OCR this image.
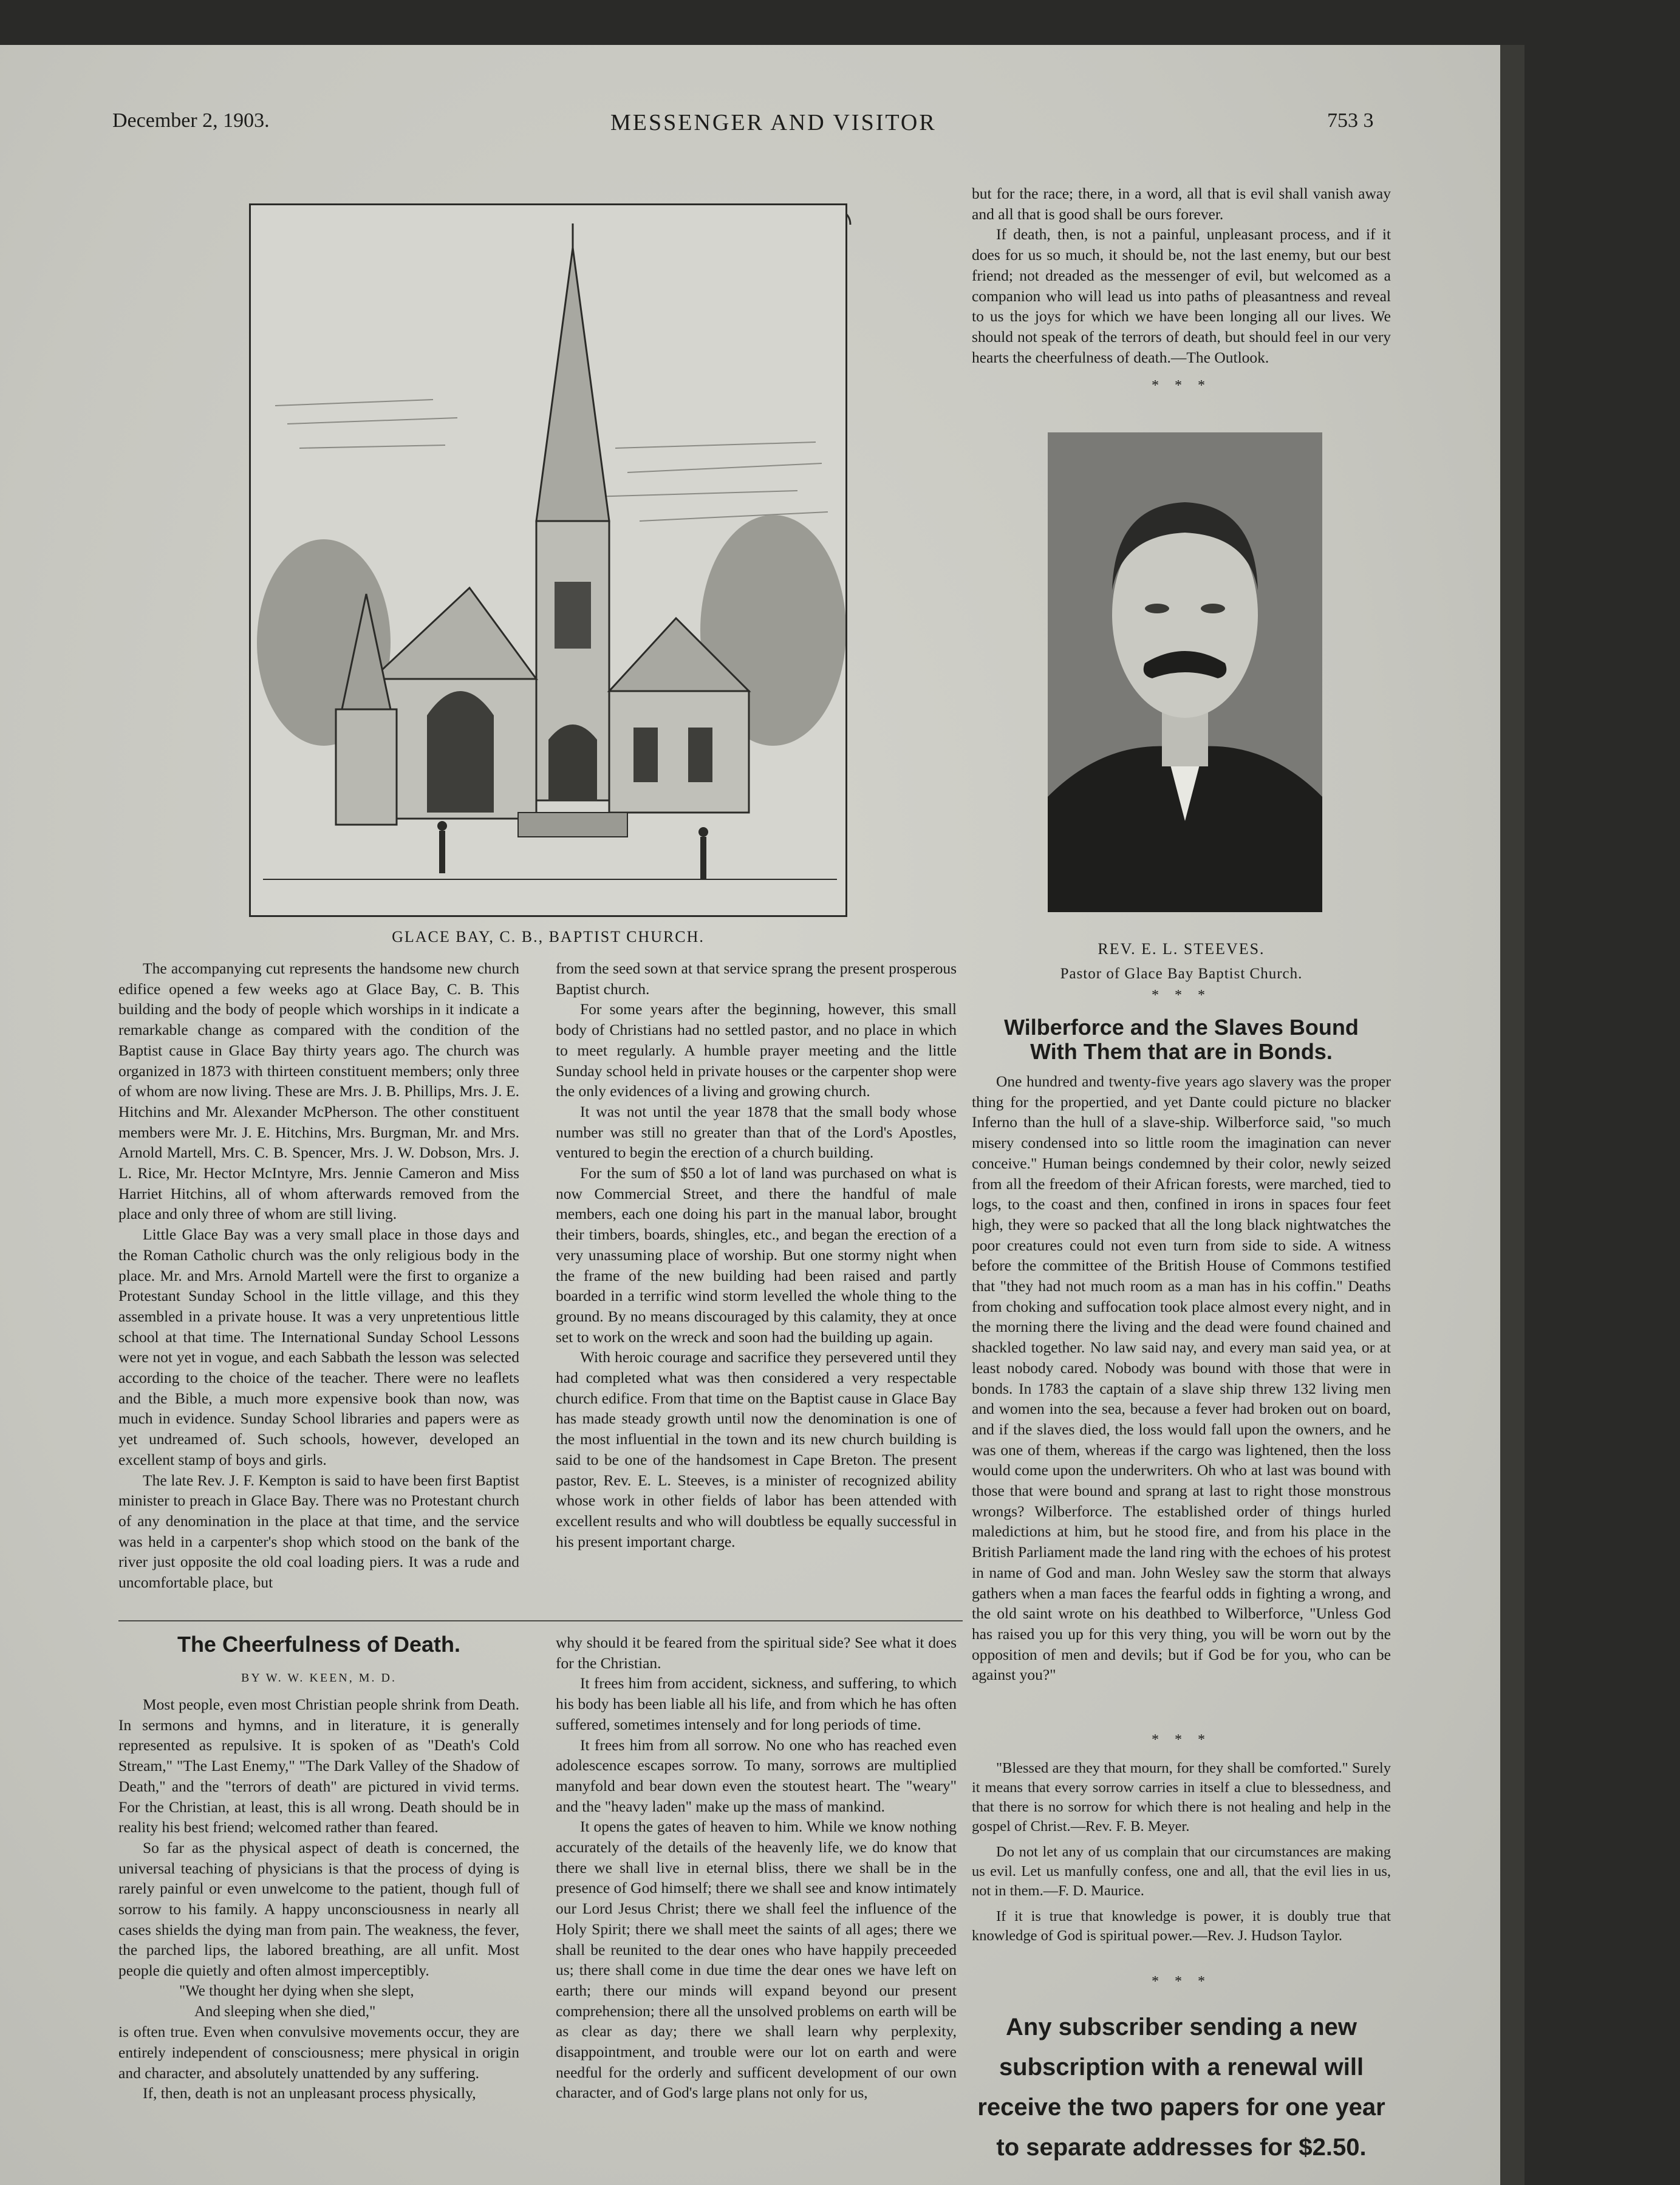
December 2, 1903.	MESSENGER AND VISITOR	753 3
GLACE BAY, C. B., BAPTIST CHURCH.
REV. E. L. STEEVES.
Pastor of Glace Bay Baptist Church.
* * *

The accompanying cut represents the handsome new church edifice opened a few weeks ago at Glace Bay, C. B. This building and the body of people which worships in it indicate a remarkable change as compared with the condition of the Baptist cause in Glace Bay thirty years ago. The church was organized in 1873 with thirteen constituent members; only three of whom are now living. These are Mrs. J. B. Phillips, Mrs. J. E. Hitchins and Mr. Alexander McPherson. The other constituent members were Mr. J. E. Hitchins, Mrs. Burgman, Mr. and Mrs. Arnold Martell, Mrs. C. B. Spencer, Mrs. J. W. Dobson, Mrs. J. L. Rice, Mr. Hector McIntyre, Mrs. Jennie Cameron and Miss Harriet Hitchins, all of whom afterwards removed from the place and only three of whom are still living.

Little Glace Bay was a very small place in those days and the Roman Catholic church was the only religious body in the place. Mr. and Mrs. Arnold Martell were the first to organize a Protestant Sunday School in the little village, and this they assembled in a private house. It was a very unpretentious little school at that time. The International Sunday School Lessons were not yet in vogue, and each Sabbath the lesson was selected according to the choice of the teacher. There were no leaflets and the Bible, a much more expensive book than now, was much in evidence. Sunday School libraries and papers were as yet undreamed of. Such schools, however, developed an excellent stamp of boys and girls.

The late Rev. J. F. Kempton is said to have been first Baptist minister to preach in Glace Bay. There was no Protestant church of any denomination in the place at that time, and the service was held in a carpenter's shop which stood on the bank of the river just opposite the old coal loading piers. It was a rude and uncomfortable place, but

from the seed sown at that service sprang the present prosperous Baptist church.

For some years after the beginning, however, this small body of Christians had no settled pastor, and no place in which to meet regularly. A humble prayer meeting and the little Sunday school held in private houses or the carpenter shop were the only evidences of a living and growing church.

It was not until the year 1878 that the small body whose number was still no greater than that of the Lord's Apostles, ventured to begin the erection of a church building.

For the sum of $50 a lot of land was purchased on what is now Commercial Street, and there the handful of male members, each one doing his part in the manual labor, brought their timbers, boards, shingles, etc., and began the erection of a very unassuming place of worship. But one stormy night when the frame of the new building had been raised and partly boarded in a terrific wind storm levelled the whole thing to the ground. By no means discouraged by this calamity, they at once set to work on the wreck and soon had the building up again.

With heroic courage and sacrifice they persevered until they had completed what was then considered a very respectable church edifice. From that time on the Baptist cause in Glace Bay has made steady growth until now the denomination is one of the most influential in the town and its new church building is said to be one of the handsomest in Cape Breton. The present pastor, Rev. E. L. Steeves, is a minister of recognized ability whose work in other fields of labor has been attended with excellent results and who will doubtless be equally successful in his present important charge.

The Cheerfulness of Death.
BY W. W. KEEN, M. D.

Most people, even most Christian people shrink from Death. In sermons and hymns, and in literature, it is generally represented as repulsive. It is spoken of as "Death's Cold Stream," "The Last Enemy," "The Dark Valley of the Shadow of Death," and the "terrors of death" are pictured in vivid terms. For the Christian, at least, this is all wrong. Death should be in reality his best friend; welcomed rather than feared.

So far as the physical aspect of death is concerned, the universal teaching of physicians is that the process of dying is rarely painful or even unwelcome to the patient, though full of sorrow to his family. A happy unconsciousness in nearly all cases shields the dying man from pain. The weakness, the fever, the parched lips, the labored breathing, are all unfit. Most people die quietly and often almost imperceptibly.

"We thought her dying when she slept,

And sleeping when she died,"

is often true. Even when convulsive movements occur, they are entirely independent of consciousness; mere physical in origin and character, and absolutely unattended by any suffering.

If, then, death is not an unpleasant process physically,

why should it be feared from the spiritual side? See what it does for the Christian.

It frees him from accident, sickness, and suffering, to which his body has been liable all his life, and from which he has often suffered, sometimes intensely and for long periods of time.

It frees him from all sorrow. No one who has reached even adolescence escapes sorrow. To many, sorrows are multiplied manyfold and bear down even the stoutest heart. The "weary" and the "heavy laden" make up the mass of mankind.

It opens the gates of heaven to him. While we know nothing accurately of the details of the heavenly life, we do know that there we shall live in eternal bliss, there we shall be in the presence of God himself; there we shall see and know intimately our Lord Jesus Christ; there we shall feel the influence of the Holy Spirit; there we shall meet the saints of all ages; there we shall be reunited to the dear ones who have happily preceeded us; there shall come in due time the dear ones we have left on earth; there our minds will expand beyond our present comprehension; there all the unsolved problems on earth will be as clear as day; there we shall learn why perplexity, disappointment, and trouble were our lot on earth and were needful for the orderly and sufficent development of our own character, and of God's large plans not only for us,

but for the race; there, in a word, all that is evil shall vanish away and all that is good shall be ours forever.

If death, then, is not a painful, unpleasant process, and if it does for us so much, it should be, not the last enemy, but our best friend; not dreaded as the messenger of evil, but welcomed as a companion who will lead us into paths of pleasantness and reveal to us the joys for which we have been longing all our lives. We should not speak of the terrors of death, but should feel in our very hearts the cheerfulness of death.—The Outlook.

* * *
Wilberforce and the Slaves Bound
With Them that are in Bonds.

One hundred and twenty-five years ago slavery was the proper thing for the propertied, and yet Dante could picture no blacker Inferno than the hull of a slave-ship. Wilberforce said, "so much misery condensed into so little room the imagination can never conceive." Human beings condemned by their color, newly seized from all the freedom of their African forests, were marched, tied to logs, to the coast and then, confined in irons in spaces four feet high, they were so packed that all the long black nightwatches the poor creatures could not even turn from side to side. A witness before the committee of the British House of Commons testified that "they had not much room as a man has in his coffin." Deaths from choking and suffocation took place almost every night, and in the morning there the living and the dead were found chained and shackled together. No law said nay, and every man said yea, or at least nobody cared. Nobody was bound with those that were in bonds. In 1783 the captain of a slave ship threw 132 living men and women into the sea, because a fever had broken out on board, and if the slaves died, the loss would fall upon the owners, and he was one of them, whereas if the cargo was lightened, then the loss would come upon the underwriters. Oh who at last was bound with those that were bound and sprang at last to right those monstrous wrongs? Wilberforce. The established order of things hurled maledictions at him, but he stood fire, and from his place in the British Parliament made the land ring with the echoes of his protest in name of God and man. John Wesley saw the storm that always gathers when a man faces the fearful odds in fighting a wrong, and the old saint wrote on his deathbed to Wilberforce, "Unless God has raised you up for this very thing, you will be worn out by the opposition of men and devils; but if God be for you, who can be against you?"

* * *

"Blessed are they that mourn, for they shall be comforted." Surely it means that every sorrow carries in itself a clue to blessedness, and that there is no sorrow for which there is not healing and help in the gospel of Christ.—Rev. F. B. Meyer.

Do not let any of us complain that our circumstances are making us evil. Let us manfully confess, one and all, that the evil lies in us, not in them.—F. D. Maurice.

If it is true that knowledge is power, it is doubly true that knowledge of God is spiritual power.—Rev. J. Hudson Taylor.

* * *
Any subscriber sending a new subscription with a renewal will receive the two papers for one year to separate addresses for $2.50.
